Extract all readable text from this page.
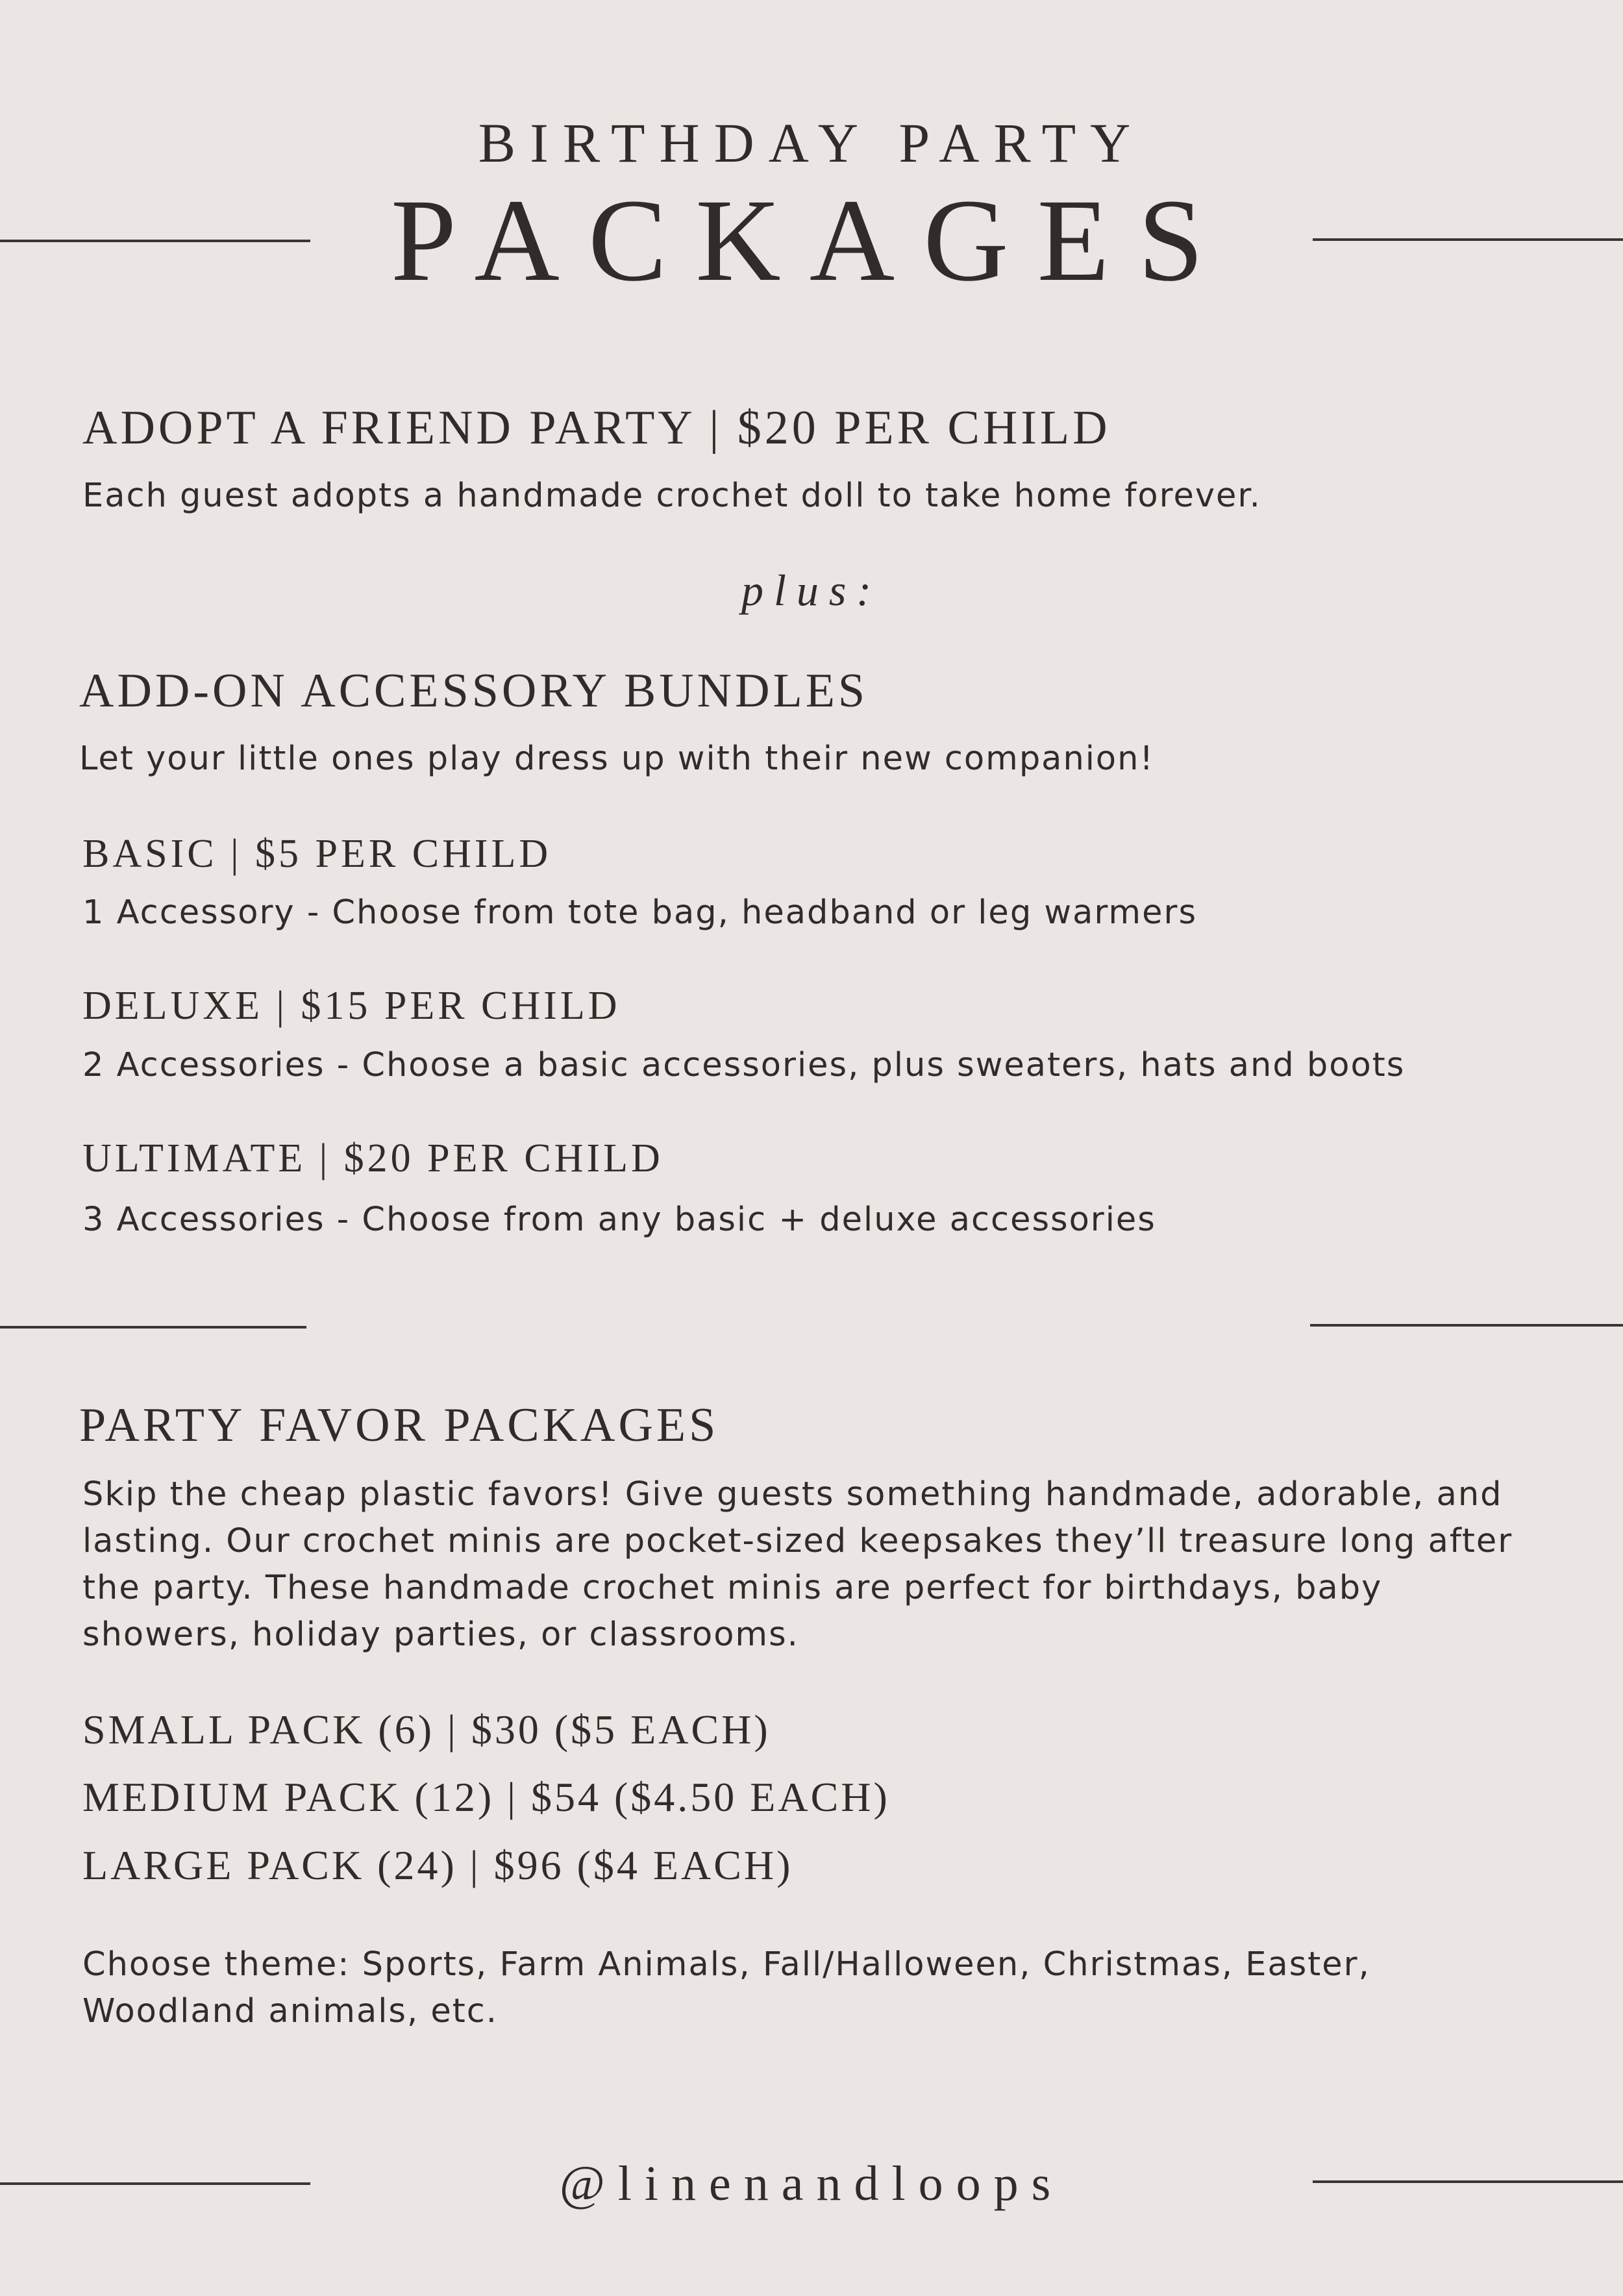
BIRTHDAY PARTY
PACKAGES
ADOPT A FRIEND PARTY | $20 PER CHILD
Each guest adopts a handmade crochet doll to take home forever.
plus:
ADD-ON ACCESSORY BUNDLES
Let your little ones play dress up with their new companion!
BASIC | $5 PER CHILD
1 Accessory - Choose from tote bag, headband or leg warmers
DELUXE | $15 PER CHILD
2 Accessories - Choose a basic accessories, plus sweaters, hats and boots
ULTIMATE | $20 PER CHILD
3 Accessories - Choose from any basic + deluxe accessories
PARTY FAVOR PACKAGES
Skip the cheap plastic favors! Give guests something handmade, adorable, and lasting. Our crochet minis are pocket-sized keepsakes they’ll treasure long after the party. These handmade crochet minis are perfect for birthdays, baby showers, holiday parties, or classrooms.
SMALL PACK (6) | $30 ($5 EACH)
MEDIUM PACK (12) | $54 ($4.50 EACH)
LARGE PACK (24) | $96 ($4 EACH)
Choose theme: Sports, Farm Animals, Fall/Halloween, Christmas, Easter, Woodland animals, etc.
@linenandloops
